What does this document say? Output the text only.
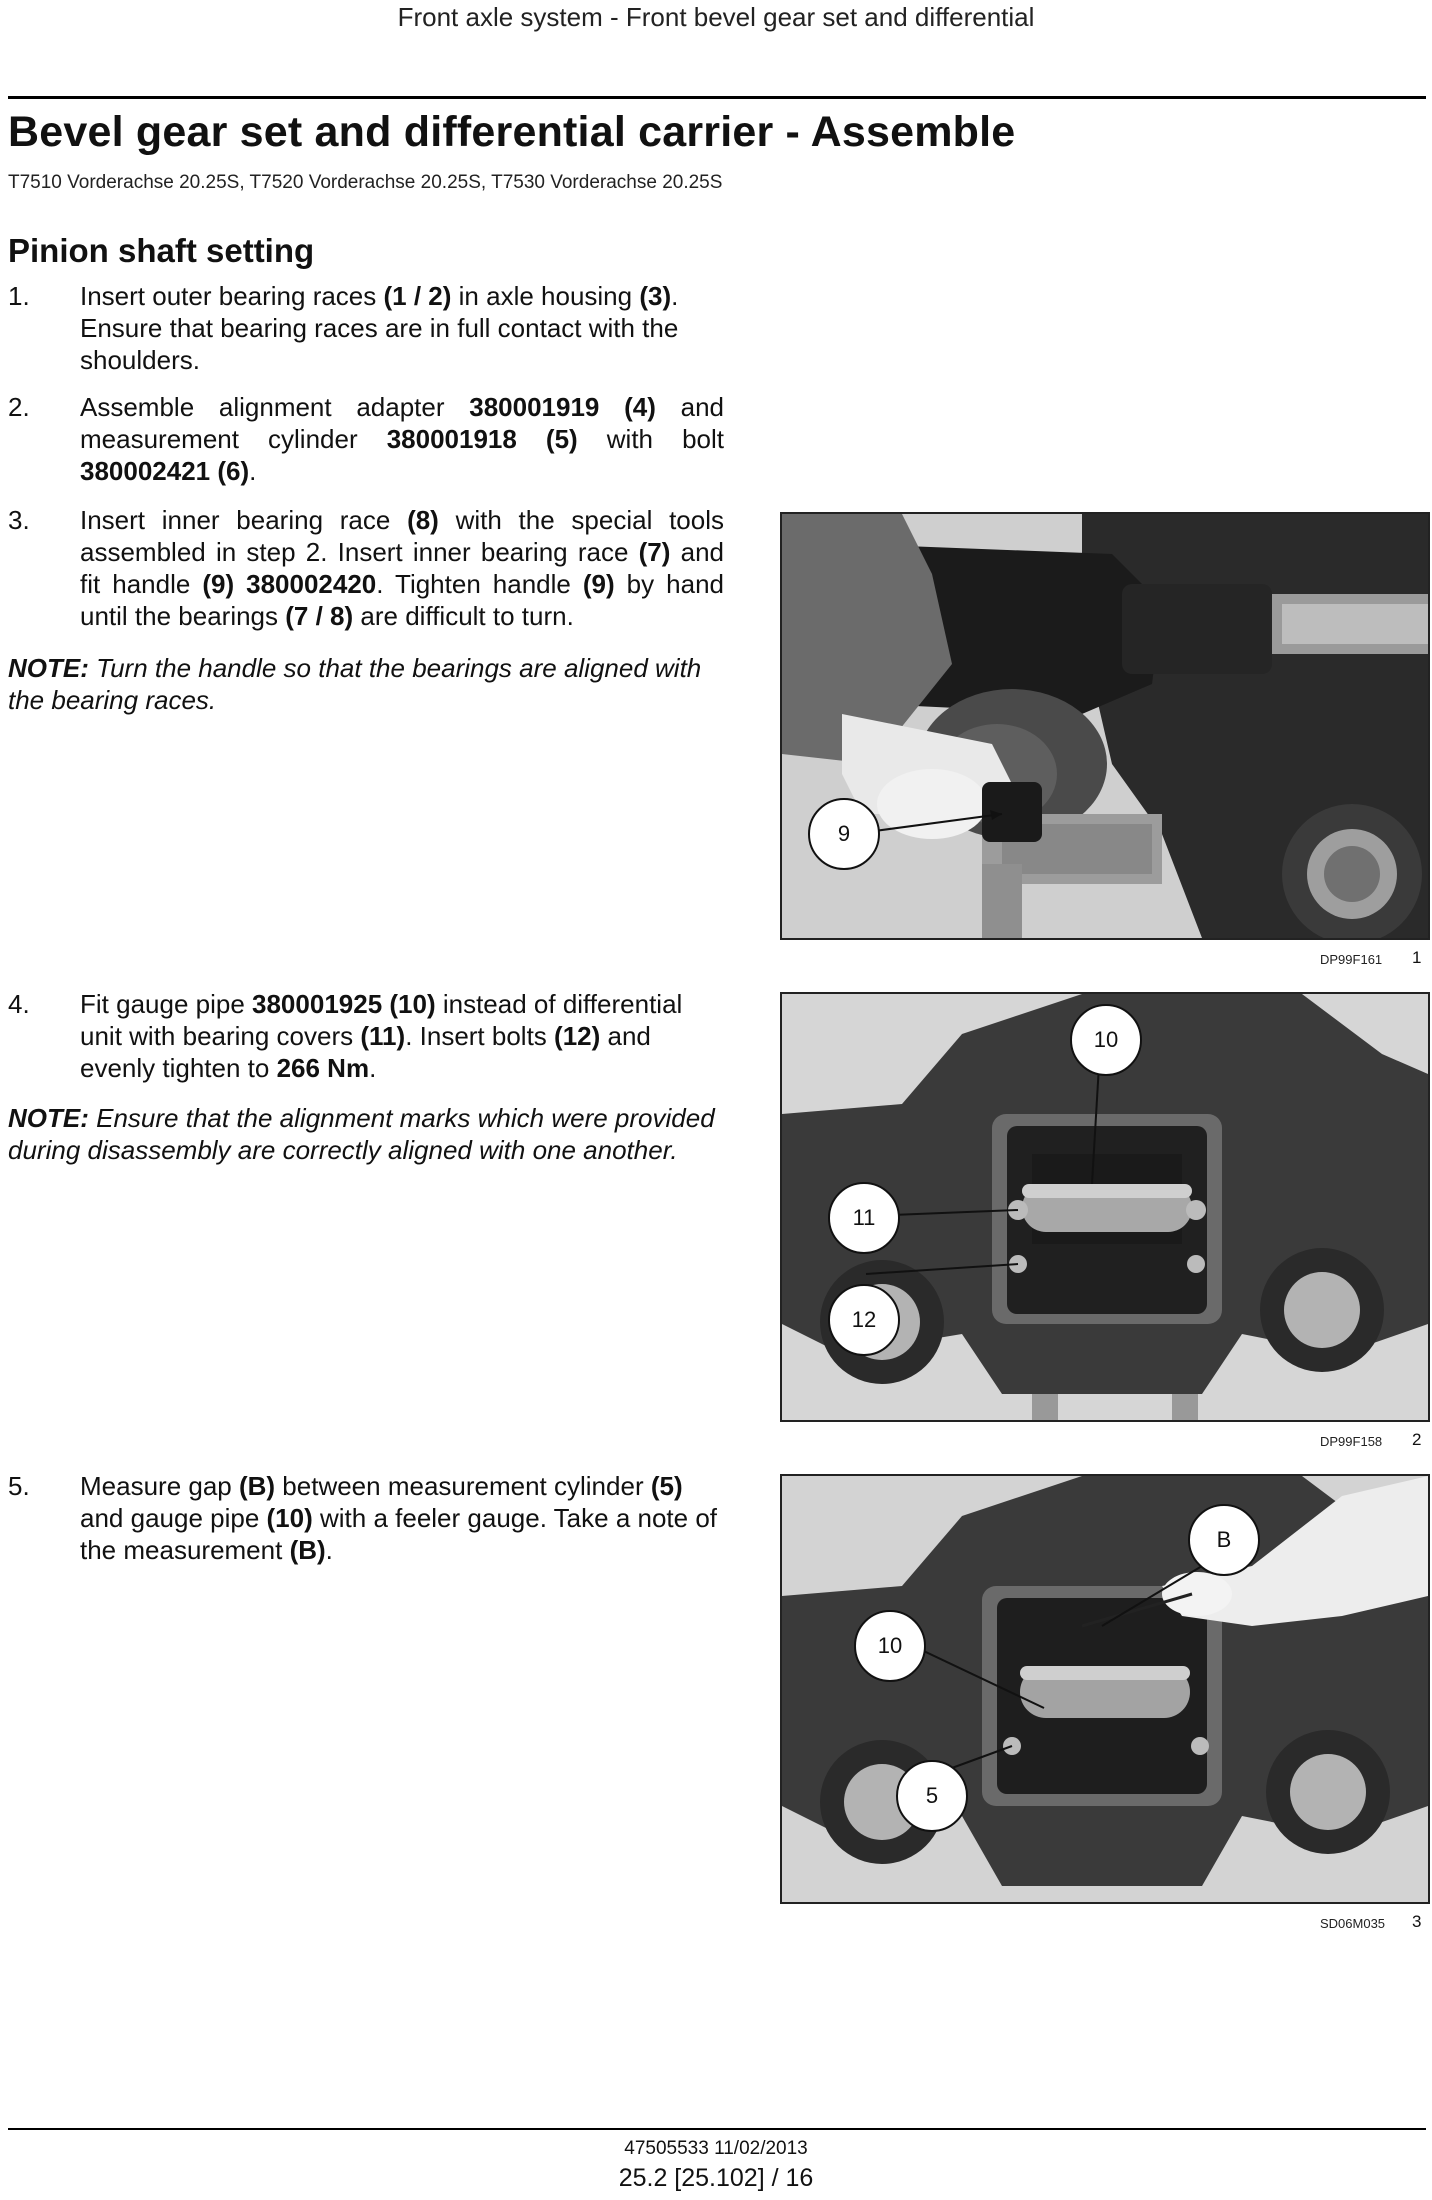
Front axle system - Front bevel gear set and differential
Bevel gear set and differential carrier - Assemble
T7510 Vorderachse 20.25S, T7520 Vorderachse 20.25S, T7530 Vorderachse 20.25S
Pinion shaft setting
1. Insert outer bearing races (1 / 2) in axle housing (3). Ensure that bearing races are in full contact with the shoulders.
2. Assemble alignment adapter 380001919 (4) and measurement cylinder 380001918 (5) with bolt 380002421 (6).
3. Insert inner bearing race (8) with the special tools assembled in step 2. Insert inner bearing race (7) and fit handle (9) 380002420. Tighten handle (9) by hand until the bearings (7 / 8) are difficult to turn.
NOTE: Turn the handle so that the bearings are aligned with the bearing races.
4. Fit gauge pipe 380001925 (10) instead of differential unit with bearing covers (11). Insert bolts (12) and evenly tighten to 266 Nm.
NOTE: Ensure that the alignment marks which were provided during disassembly are correctly aligned with one another.
5. Measure gap (B) between measurement cylinder (5) and gauge pipe (10) with a feeler gauge. Take a note of the measurement (B).
9
DP99F161 1
10
11
12
DP99F158 2
B
10
5
SD06M035 3
47505533 11/02/2013
25.2 [25.102] / 16
